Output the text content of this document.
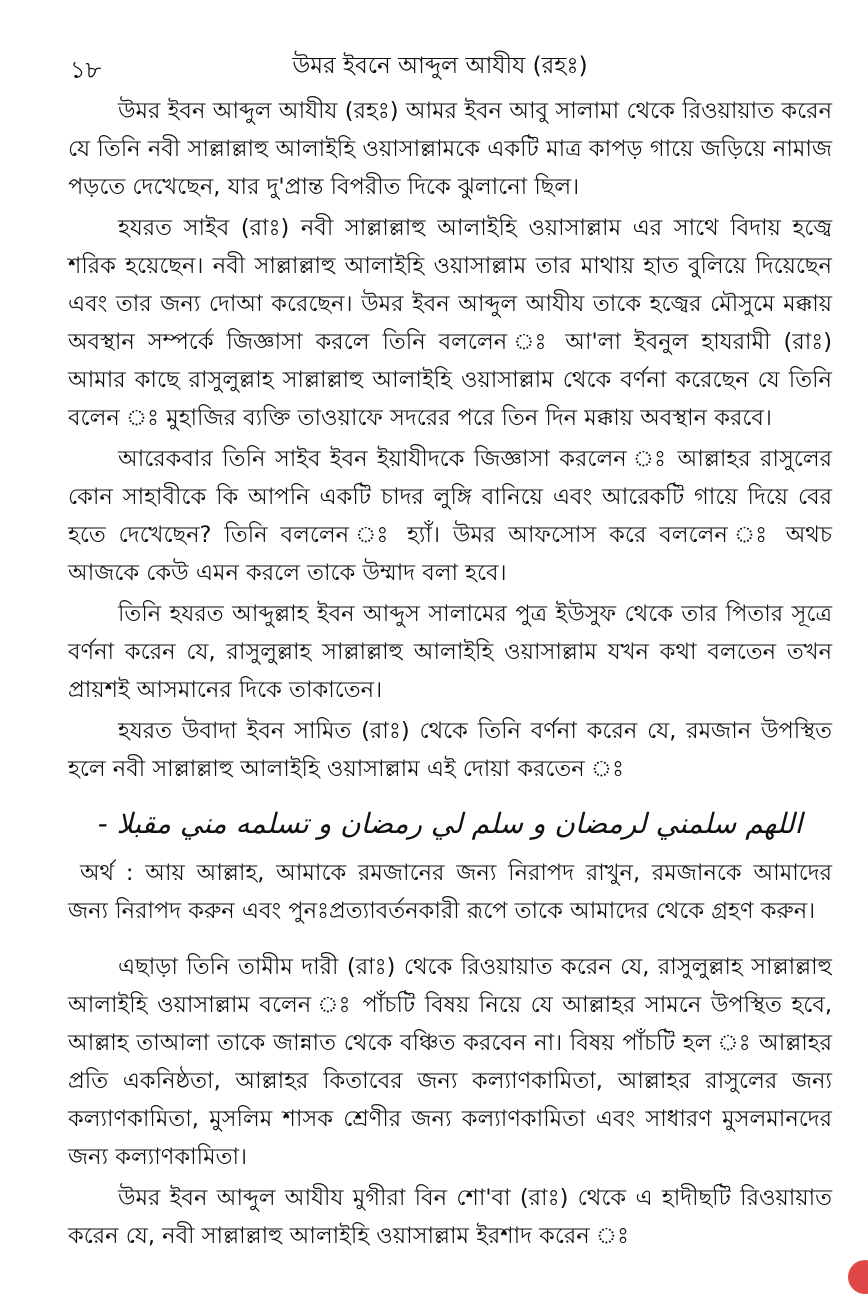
১৮	উমর ইবনে আব্দুল আযীয (রহঃ)

উমর ইবন আব্দুল আযীয (রহঃ) আমর ইবন আবু সালামা থেকে রিওয়ায়াত করেন যে তিনি নবী সাল্লাল্লাহু আলাইহি ওয়াসাল্লামকে একটি মাত্র কাপড় গায়ে জড়িয়ে নামাজ পড়তে দেখেছেন, যার দু'প্রান্ত বিপরীত দিকে ঝুলানো ছিল।

হযরত সাইব (রাঃ) নবী সাল্লাল্লাহু আলাইহি ওয়াসাল্লাম এর সাথে বিদায় হজ্বে শরিক হয়েছেন। নবী সাল্লাল্লাহু আলাইহি ওয়াসাল্লাম তার মাথায় হাত বুলিয়ে দিয়েছেন এবং তার জন্য দোআ করেছেন। উমর ইবন আব্দুল আযীয তাকে হজ্বের মৌসুমে মক্কায় অবস্থান সম্পর্কে জিজ্ঞাসা করলে তিনি বললেন ঃ আ'লা ইবনুল হাযরামী (রাঃ) আমার কাছে রাসুলুল্লাহ সাল্লাল্লাহু আলাইহি ওয়াসাল্লাম থেকে বর্ণনা করেছেন যে তিনি বলেন ঃ মুহাজির ব্যক্তি তাওয়াফে সদরের পরে তিন দিন মক্কায় অবস্থান করবে।

আরেকবার তিনি সাইব ইবন ইয়াযীদকে জিজ্ঞাসা করলেন ঃ আল্লাহর রাসুলের কোন সাহাবীকে কি আপনি একটি চাদর লুঙ্গি বানিয়ে এবং আরেকটি গায়ে দিয়ে বের হতে দেখেছেন? তিনি বললেন ঃ হ্যাঁ। উমর আফসোস করে বললেন ঃ অথচ আজকে কেউ এমন করলে তাকে উম্মাদ বলা হবে।

তিনি হযরত আব্দুল্লাহ ইবন আব্দুস সালামের পুত্র ইউসুফ থেকে তার পিতার সূত্রে বর্ণনা করেন যে, রাসুলুল্লাহ সাল্লাল্লাহু আলাইহি ওয়াসাল্লাম যখন কথা বলতেন তখন প্রায়শই আসমানের দিকে তাকাতেন।

হযরত উবাদা ইবন সামিত (রাঃ) থেকে তিনি বর্ণনা করেন যে, রমজান উপস্থিত হলে নবী সাল্লাল্লাহু আলাইহি ওয়াসাল্লাম এই দোয়া করতেন ঃ

اللهم سلمني لرمضان و سلم لي رمضان و تسلمه مني مقبلا -

অর্থ : আয় আল্লাহ, আমাকে রমজানের জন্য নিরাপদ রাখুন, রমজানকে আমাদের জন্য নিরাপদ করুন এবং পুনঃপ্রত্যাবর্তনকারী রূপে তাকে আমাদের থেকে গ্রহণ করুন।

এছাড়া তিনি তামীম দারী (রাঃ) থেকে রিওয়ায়াত করেন যে, রাসুলুল্লাহ সাল্লাল্লাহু আলাইহি ওয়াসাল্লাম বলেন ঃ পাঁচটি বিষয় নিয়ে যে আল্লাহর সামনে উপস্থিত হবে, আল্লাহ তাআলা তাকে জান্নাত থেকে বঞ্চিত করবেন না। বিষয় পাঁচটি হল ঃ আল্লাহর প্রতি একনিষ্ঠতা, আল্লাহর কিতাবের জন্য কল্যাণকামিতা, আল্লাহর রাসুলের জন্য কল্যাণকামিতা, মুসলিম শাসক শ্রেণীর জন্য কল্যাণকামিতা এবং সাধারণ মুসলমানদের জন্য কল্যাণকামিতা।

উমর ইবন আব্দুল আযীয মুগীরা বিন শো'বা (রাঃ) থেকে এ হাদীছটি রিওয়ায়াত করেন যে, নবী সাল্লাল্লাহু আলাইহি ওয়াসাল্লাম ইরশাদ করেন ঃ
